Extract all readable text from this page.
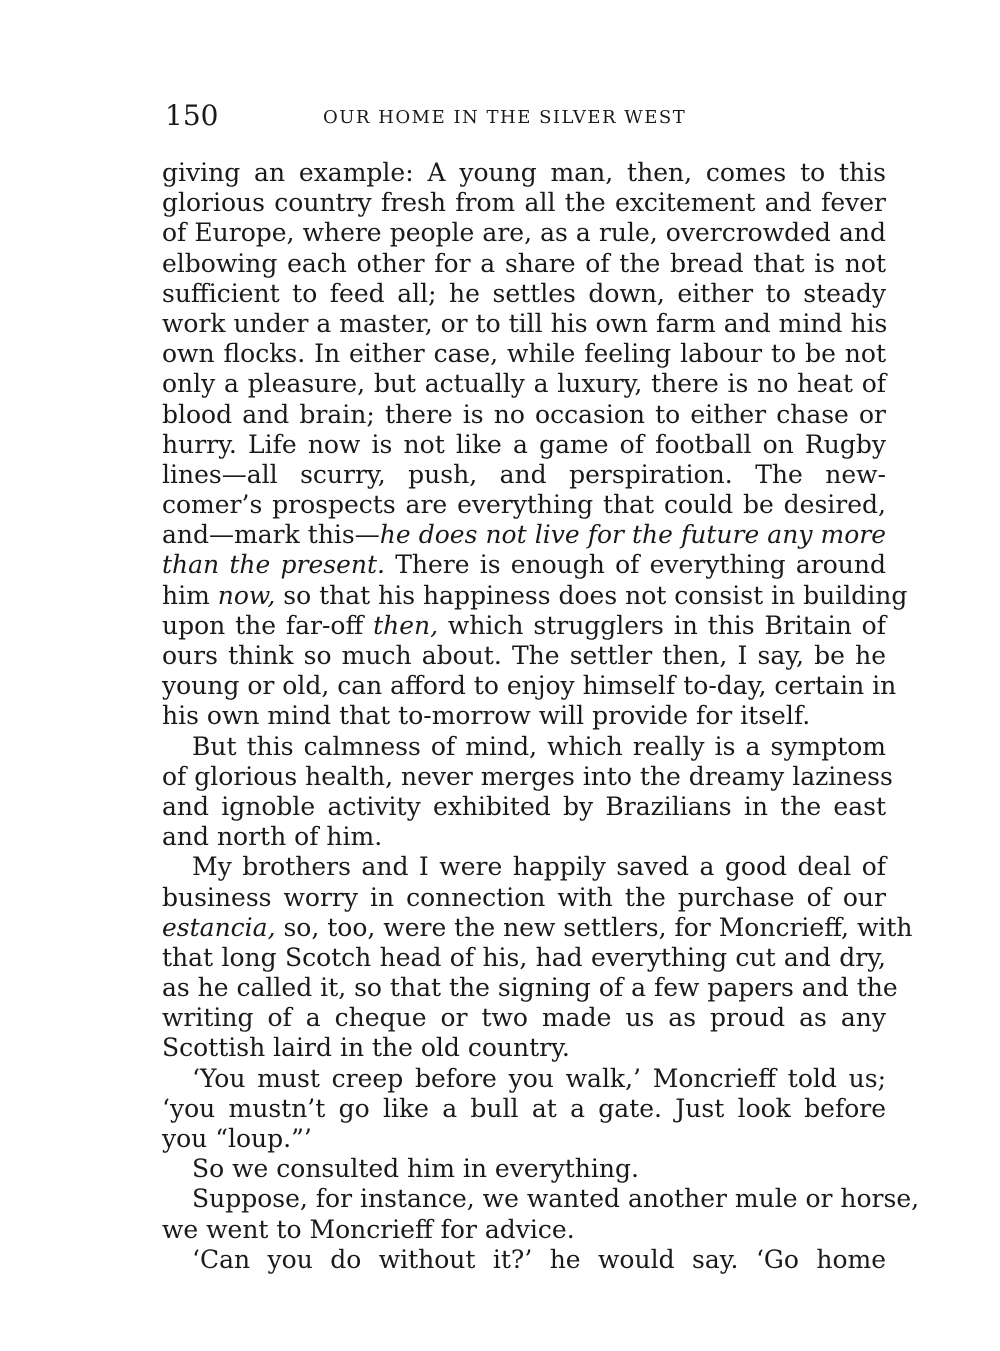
150	OUR HOME IN THE SILVER WEST
giving an example: A young man, then, comes to this
glorious country fresh from all the excitement and fever
of Europe, where people are, as a rule, overcrowded and
elbowing each other for a share of the bread that is not
sufficient to feed all; he settles down, either to steady
work under a master, or to till his own farm and mind his
own flocks. In either case, while feeling labour to be not
only a pleasure, but actually a luxury, there is no heat of
blood and brain; there is no occasion to either chase or
hurry. Life now is not like a game of football on Rugby
lines—all scurry, push, and perspiration. The new-
comer’s prospects are everything that could be desired,
and—mark this—he does not live for the future any more
than the present. There is enough of everything around
him now, so that his happiness does not consist in building
upon the far-off then, which strugglers in this Britain of
ours think so much about. The settler then, I say, be he
young or old, can afford to enjoy himself to-day, certain in
his own mind that to-morrow will provide for itself.
But this calmness of mind, which really is a symptom
of glorious health, never merges into the dreamy laziness
and ignoble activity exhibited by Brazilians in the east
and north of him.
My brothers and I were happily saved a good deal of
business worry in connection with the purchase of our
estancia, so, too, were the new settlers, for Moncrieff, with
that long Scotch head of his, had everything cut and dry,
as he called it, so that the signing of a few papers and the
writing of a cheque or two made us as proud as any
Scottish laird in the old country.
‘You must creep before you walk,’ Moncrieff told us;
‘you mustn’t go like a bull at a gate. Just look before
you “loup.”’
So we consulted him in everything.
Suppose, for instance, we wanted another mule or horse,
we went to Moncrieff for advice.
‘Can you do without it?’ he would say. ‘Go home
